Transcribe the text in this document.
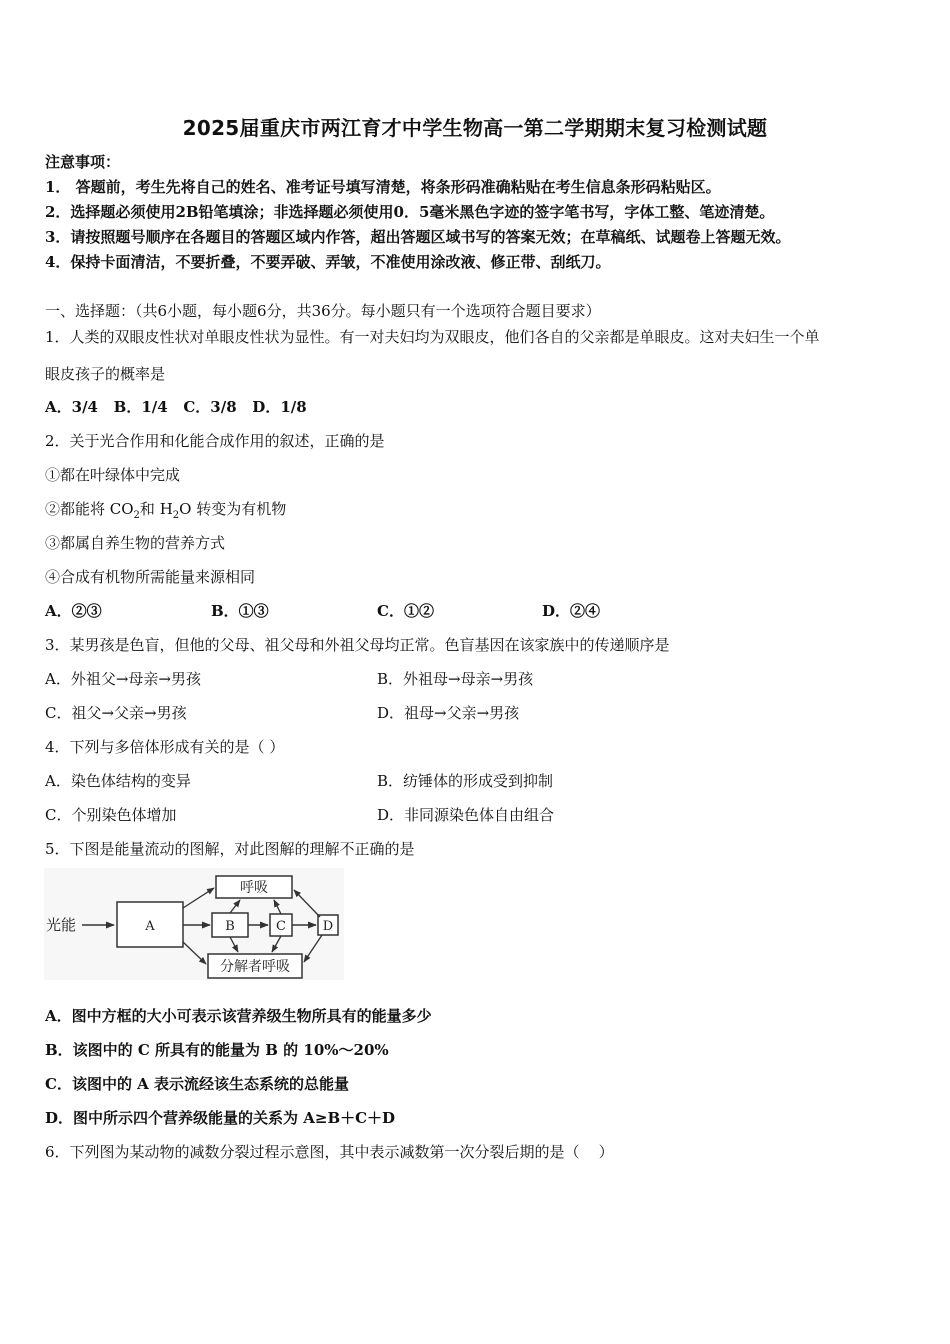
2025届重庆市两江育才中学生物高一第二学期期末复习检测试题
注意事项：
1． 答题前，考生先将自己的姓名、准考证号填写清楚，将条形码准确粘贴在考生信息条形码粘贴区。
2．选择题必须使用2B铅笔填涂；非选择题必须使用0．5毫米黑色字迹的签字笔书写，字体工整、笔迹清楚。
3．请按照题号顺序在各题目的答题区域内作答，超出答题区域书写的答案无效；在草稿纸、试题卷上答题无效。
4．保持卡面清洁，不要折叠，不要弄破、弄皱，不准使用涂改液、修正带、刮纸刀。
一、选择题：（共6小题，每小题6分，共36分。每小题只有一个选项符合题目要求）
1．人类的双眼皮性状对单眼皮性状为显性。有一对夫妇均为双眼皮，他们各自的父亲都是单眼皮。这对夫妇生一个单
眼皮孩子的概率是
A．3/4   B．1/4   C．3/8   D．1/8
2．关于光合作用和化能合成作用的叙述，正确的是
①都在叶绿体中完成
②都能将 $CO_2$和 $H_2O$ 转变为有机物
③都属自养生物的营养方式
④合成有机物所需能量来源相同
A．②③	B．①③	C．①②	D．②④
3．某男孩是色盲，但他的父母、祖父母和外祖父母均正常。色盲基因在该家族中的传递顺序是
A．外祖父→母亲→男孩	B．外祖母→母亲→男孩
C．祖父→父亲→男孩	D．祖母→父亲→男孩
4．下列与多倍体形成有关的是（ ）
A．染色体结构的变异	B．纺锤体的形成受到抑制
C．个别染色体增加	D．非同源染色体自由组合
5．下图是能量流动的图解，对此图解的理解不正确的是
光能	A	B	C	D
呼吸
分解者呼吸
A．图中方框的大小可表示该营养级生物所具有的能量多少
B．该图中的 C 所具有的能量为 B 的 10%～20%
C．该图中的 A 表示流经该生态系统的总能量
D．图中所示四个营养级能量的关系为 A≥B＋C＋D
6．下列图为某动物的减数分裂过程示意图，其中表示减数第一次分裂后期的是（    ）
